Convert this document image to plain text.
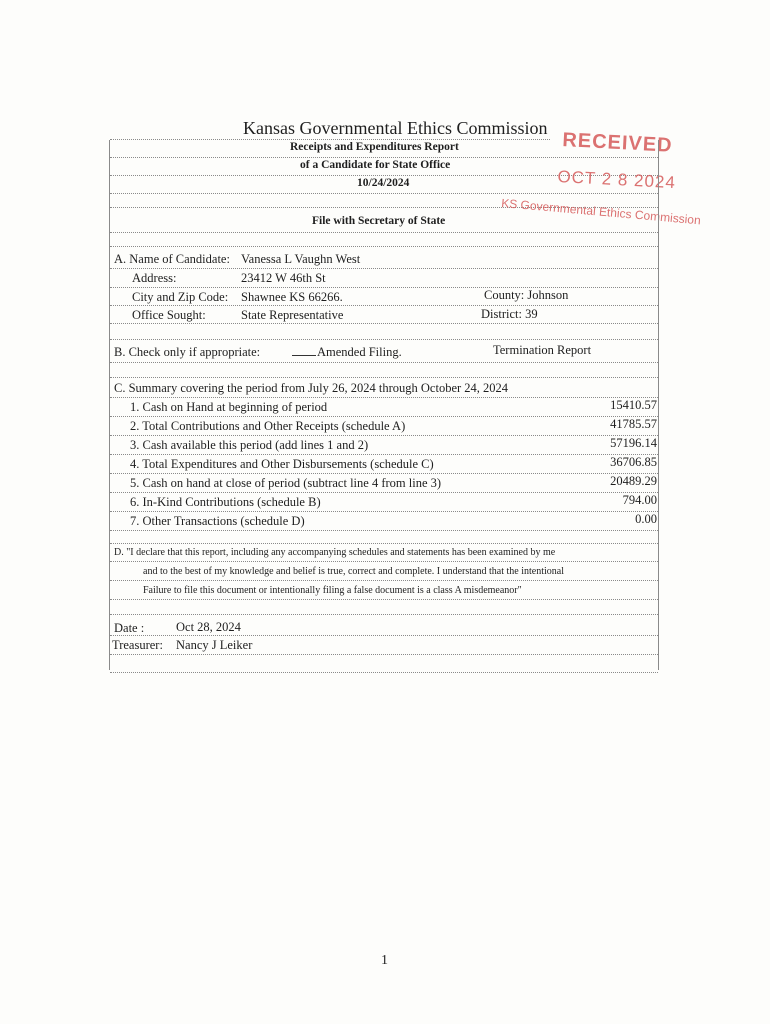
Kansas Governmental Ethics Commission
Receipts and Expenditures Report
of a Candidate for State Office
10/24/2024
File with Secretary of State
RECEIVED
OCT 2 8 2024
KS Governmental Ethics Commission
A. Name of Candidate: Vanessa L Vaughn West
Address:	23412 W 46th St
City and Zip Code: Shawnee KS 66266.	County: Johnson
Office Sought:	State Representative	District: 39
B. Check only if appropriate:	Amended Filing.	Termination Report
C. Summary covering the period from July 26, 2024 through October 24, 2024
1. Cash on Hand at beginning of period	15410.57
2. Total Contributions and Other Receipts (schedule A)	41785.57
3. Cash available this period (add lines 1 and 2)	57196.14
4. Total Expenditures and Other Disbursements (schedule C)	36706.85
5. Cash on hand at close of period (subtract line 4 from line 3)	20489.29
6. In-Kind Contributions (schedule B)	794.00
7. Other Transactions (schedule D)	0.00
D. "I declare that this report, including any accompanying schedules and statements has been examined by me
and to the best of my knowledge and belief is true, correct and complete. I understand that the intentional
Failure to file this document or intentionally filing a false document is a class A misdemeanor"
Date :	Oct 28, 2024
Treasurer: Nancy J Leiker
1
